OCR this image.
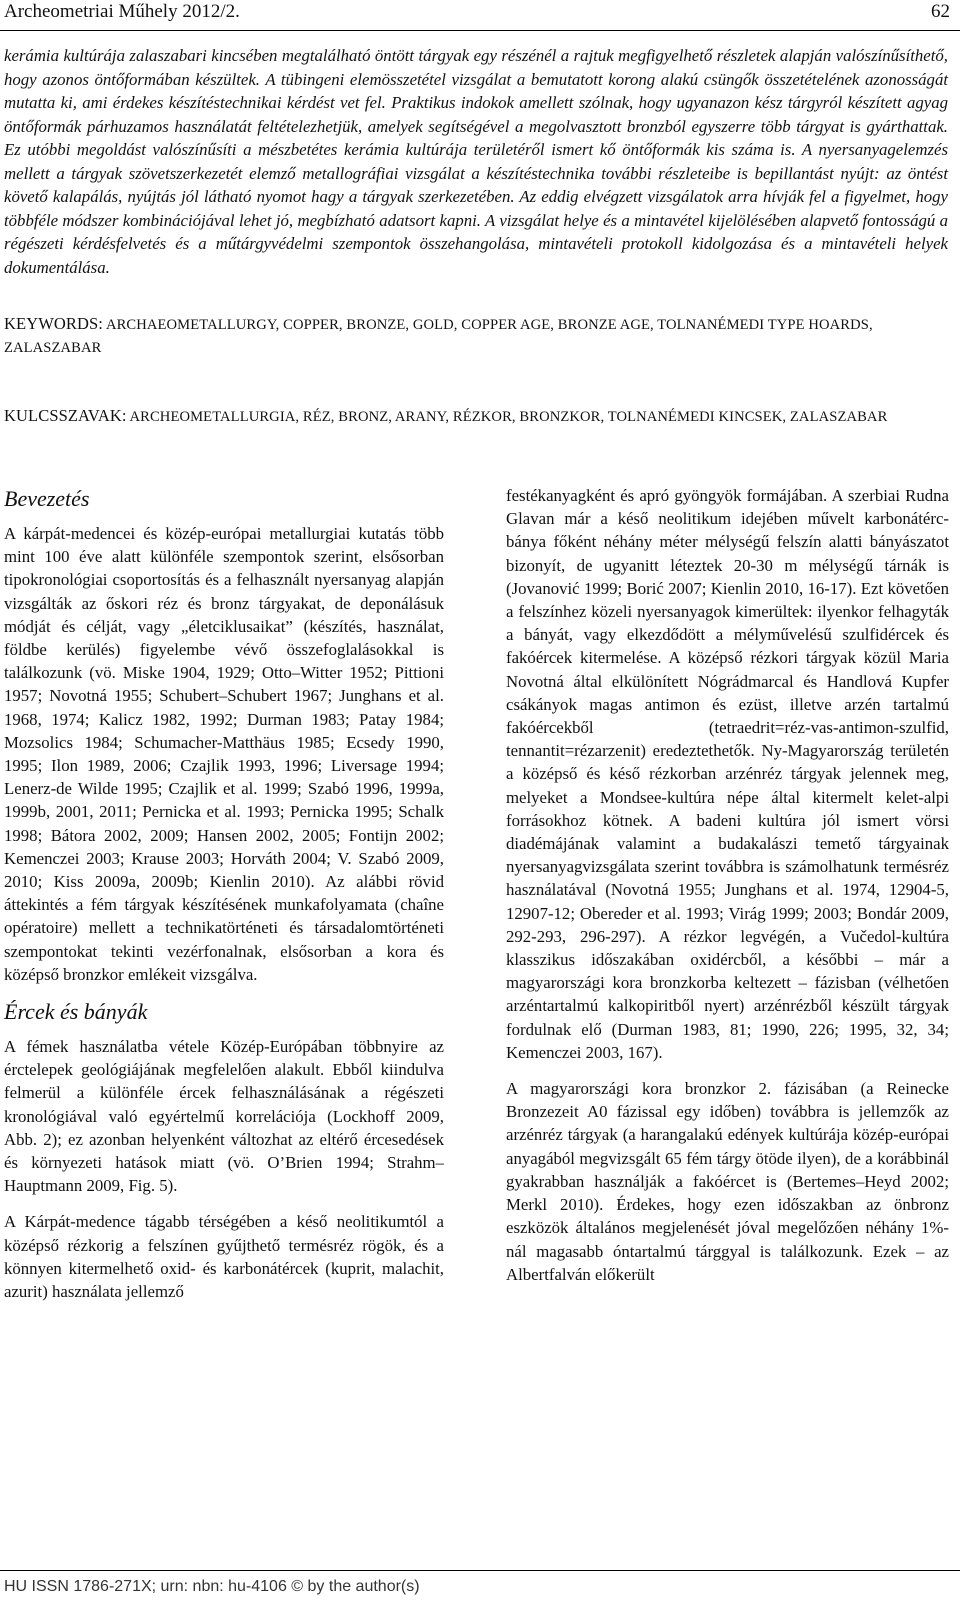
Archeometriai Műhely 2012/2.	62

kerámia kultúrája zalaszabari kincsében megtalálható öntött tárgyak egy részénél a rajtuk megfigyelhető részletek alapján valószínűsíthető, hogy azonos öntőformában készültek. A tübingeni elemösszetétel vizsgálat a bemutatott korong alakú csüngők összetételének azonosságát mutatta ki, ami érdekes készítéstechnikai kérdést vet fel. Praktikus indokok amellett szólnak, hogy ugyanazon kész tárgyról készített agyag öntőformák párhuzamos használatát feltételezhetjük, amelyek segítségével a megolvasztott bronzból egyszerre több tárgyat is gyárthattak. Ez utóbbi megoldást valószínűsíti a mészbetétes kerámia kultúrája területéről ismert kő öntőformák kis száma is. A nyersanyagelemzés mellett a tárgyak szövetszerkezetét elemző metallográfiai vizsgálat a készítéstechnika további részleteibe is bepillantást nyújt: az öntést követő kalapálás, nyújtás jól látható nyomot hagy a tárgyak szerkezetében. Az eddig elvégzett vizsgálatok arra hívják fel a figyelmet, hogy többféle módszer kombinációjával lehet jó, megbízható adatsort kapni. A vizsgálat helye és a mintavétel kijelölésében alapvető fontosságú a régészeti kérdésfelvetés és a műtárgyvédelmi szempontok összehangolása, mintavételi protokoll kidolgozása és a mintavételi helyek dokumentálása.

KEYWORDS: ARCHAEOMETALLURGY, COPPER, BRONZE, GOLD, COPPER AGE, BRONZE AGE, TOLNANÉMEDI TYPE HOARDS, ZALASZABAR

KULCSSZAVAK: ARCHEOMETALLURGIA, RÉZ, BRONZ, ARANY, RÉZKOR, BRONZKOR, TOLNANÉMEDI KINCSEK, ZALASZABAR

Bevezetés

A kárpát-medencei és közép-európai metallurgiai kutatás több mint 100 éve alatt különféle szempontok szerint, elsősorban tipokronológiai csoportosítás és a felhasznált nyersanyag alapján vizsgálták az őskori réz és bronz tárgyakat, de deponálásuk módját és célját, vagy „életciklusaikat” (készítés, használat, földbe kerülés) figyelembe vévő összefoglalásokkal is találkozunk (vö. Miske 1904, 1929; Otto–Witter 1952; Pittioni 1957; Novotná 1955; Schubert–Schubert 1967; Junghans et al. 1968, 1974; Kalicz 1982, 1992; Durman 1983; Patay 1984; Mozsolics 1984; Schumacher-Matthäus 1985; Ecsedy 1990, 1995; Ilon 1989, 2006; Czajlik 1993, 1996; Liversage 1994; Lenerz-de Wilde 1995; Czajlik et al. 1999; Szabó 1996, 1999a, 1999b, 2001, 2011; Pernicka et al. 1993; Pernicka 1995; Schalk 1998; Bátora 2002, 2009; Hansen 2002, 2005; Fontijn 2002; Kemenczei 2003; Krause 2003; Horváth 2004; V. Szabó 2009, 2010; Kiss 2009a, 2009b; Kienlin 2010). Az alábbi rövid áttekintés a fém tárgyak készítésének munkafolyamata (chaîne opératoire) mellett a technikatörténeti és társadalomtörténeti szempontokat tekinti vezérfonalnak, elsősorban a kora és középső bronzkor emlékeit vizsgálva.

Ércek és bányák

A fémek használatba vétele Közép-Európában többnyire az érctelepek geológiájának megfelelően alakult. Ebből kiindulva felmerül a különféle ércek felhasználásának a régészeti kronológiával való egyértelmű korrelációja (Lockhoff 2009, Abb. 2); ez azonban helyenként változhat az eltérő ércesedések és környezeti hatások miatt (vö. O’Brien 1994; Strahm–Hauptmann 2009, Fig. 5).

A Kárpát-medence tágabb térségében a késő neolitikumtól a középső rézkorig a felszínen gyűjthető termésréz rögök, és a könnyen kitermelhető oxid- és karbonátércek (kuprit, malachit, azurit) használata jellemző

festékanyagként és apró gyöngyök formájában. A szerbiai Rudna Glavan már a késő neolitikum idejében művelt karbonátérc-bánya főként néhány méter mélységű felszín alatti bányászatot bizonyít, de ugyanitt léteztek 20-30 m mélységű tárnák is (Jovanović 1999; Borić 2007; Kienlin 2010, 16-17). Ezt követően a felszínhez közeli nyersanyagok kimerültek: ilyenkor felhagyták a bányát, vagy elkezdődött a mélyművelésű szulfidércek és fakóércek kitermelése. A középső rézkori tárgyak közül Maria Novotná által elkülönített Nógrádmarcal és Handlová Kupfer csákányok magas antimon és ezüst, illetve arzén tartalmú fakóércekből (tetraedrit=réz-vas-antimon-szulfid, tennantit=rézarzenit) eredeztethetők. Ny-Magyarország területén a középső és késő rézkorban arzénréz tárgyak jelennek meg, melyeket a Mondsee-kultúra népe által kitermelt kelet-alpi forrásokhoz kötnek. A badeni kultúra jól ismert vörsi diadémájának valamint a budakalászi temető tárgyainak nyersanyagvizsgálata szerint továbbra is számolhatunk termésréz használatával (Novotná 1955; Junghans et al. 1974, 12904-5, 12907-12; Obereder et al. 1993; Virág 1999; 2003; Bondár 2009, 292-293, 296-297). A rézkor legvégén, a Vučedol-kultúra klasszikus időszakában oxidércből, a későbbi – már a magyarországi kora bronzkorba keltezett – fázisban (vélhetően arzéntartalmú kalkopiritből nyert) arzénrézből készült tárgyak fordulnak elő (Durman 1983, 81; 1990, 226; 1995, 32, 34; Kemenczei 2003, 167).

A magyarországi kora bronzkor 2. fázisában (a Reinecke Bronzezeit A0 fázissal egy időben) továbbra is jellemzők az arzénréz tárgyak (a harangalakú edények kultúrája közép-európai anyagából megvizsgált 65 fém tárgy ötöde ilyen), de a korábbinál gyakrabban használják a fakóércet is (Bertemes–Heyd 2002; Merkl 2010). Érdekes, hogy ezen időszakban az önbronz eszközök általános megjelenését jóval megelőzően néhány 1%-nál magasabb óntartalmú tárggyal is találkozunk. Ezek – az Albertfalván előkerült

HU ISSN 1786-271X; urn: nbn: hu-4106 © by the author(s)
